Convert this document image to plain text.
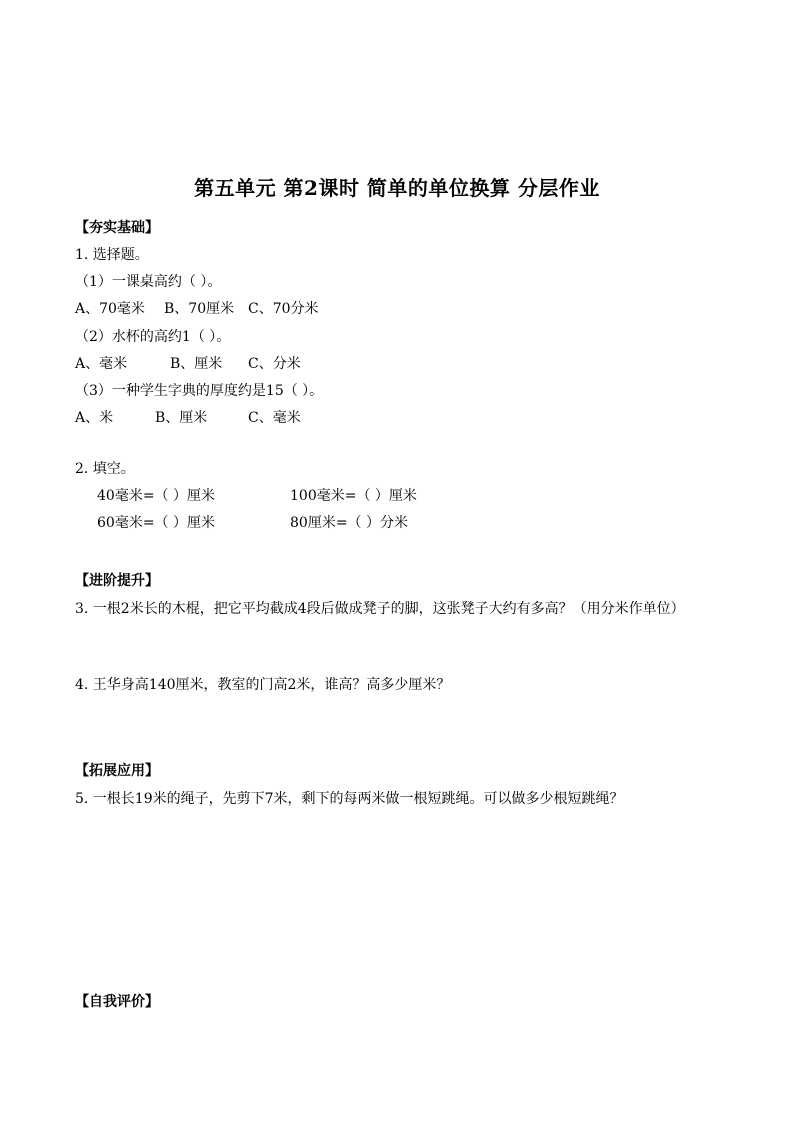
第五单元 第2课时 简单的单位换算 分层作业
【夯实基础】
1. 选择题。
（1）一课桌高约（ ）。
A、70毫米 B、70厘米 C、70分米
（2）水杯的高约1（ ）。
A、毫米	B、厘米 C、分米
（3）一种学生字典的厚度约是15（ ）。
A、米	B、厘米	C、毫米
2. 填空。
40毫米=（ ）厘米	100毫米=（ ）厘米
60毫米=（ ）厘米	80厘米=（ ）分米
【进阶提升】
3. 一根2米长的木棍，把它平均截成4段后做成凳子的脚，这张凳子大约有多高？（用分米作单位）
4. 王华身高140厘米，教室的门高2米，谁高？高多少厘米？
【拓展应用】
5. 一根长19米的绳子，先剪下7米，剩下的每两米做一根短跳绳。可以做多少根短跳绳？
【自我评价】
